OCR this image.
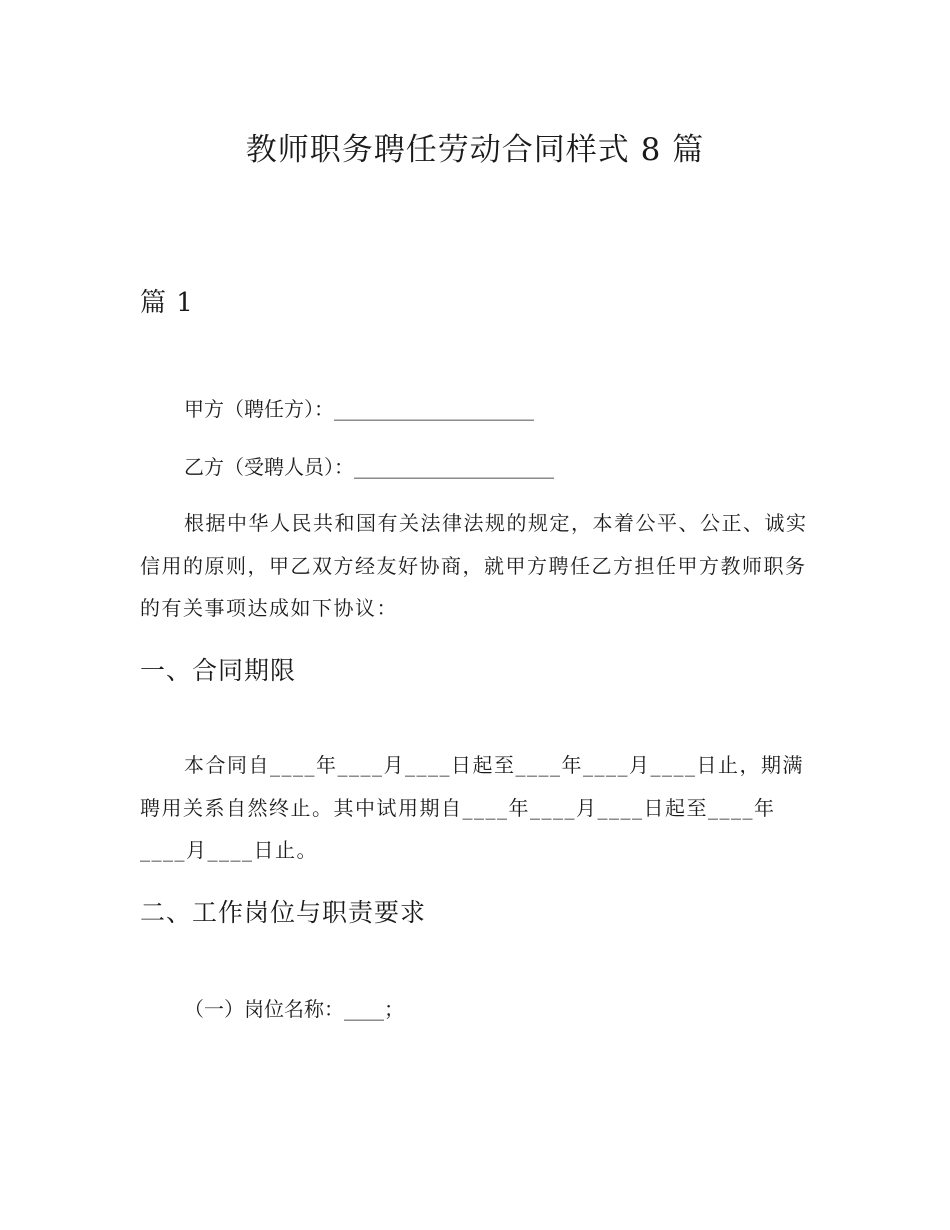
教师职务聘任劳动合同样式 8 篇
篇 1
甲方（聘任方）：____________________
乙方（受聘人员）：____________________

根据中华人民共和国有关法律法规的规定，本着公平、公正、诚实信用的原则，甲乙双方经友好协商，就甲方聘任乙方担任甲方教师职务的有关事项达成如下协议：

一、合同期限

本合同自____年____月____日起至____年____月____日止，期满聘用关系自然终止。其中试用期自____年____月____日起至____年____月____日止。

二、工作岗位与职责要求
（一）岗位名称：____；
